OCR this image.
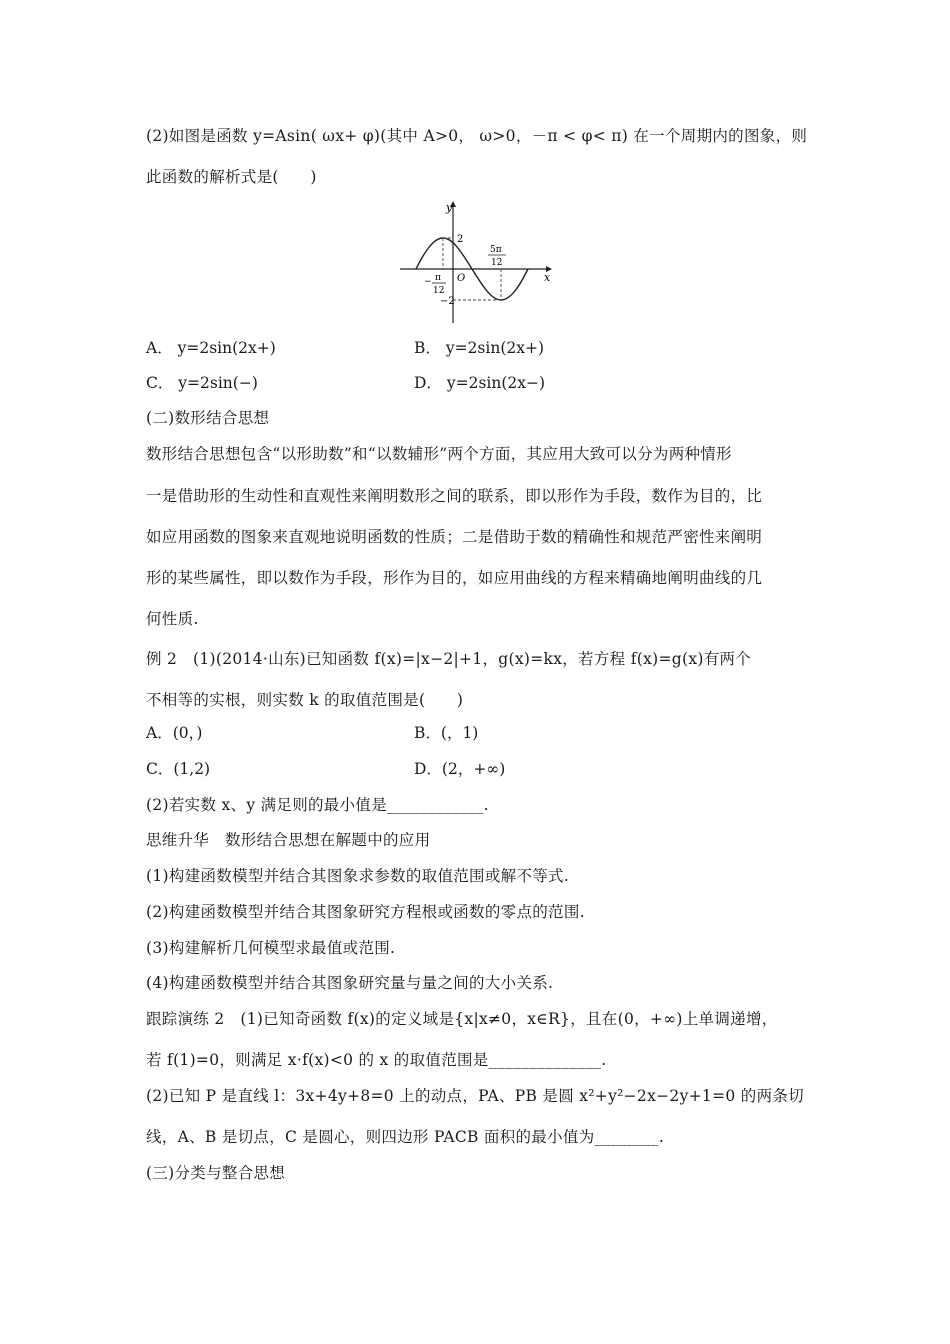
(2)如图是函数 y=Asin( ωx+ φ)(其中 A>0， ω>0，－π < φ< π) 在一个周期内的图象，则
此函数的解析式是(　　)
y
x
O
2
−2
− π
12
5π
12
A． y=2sin(2x+)	B． y=2sin(2x+)
C． y=2sin(−)	D． y=2sin(2x−)
(二)数形结合思想
数形结合思想包含“以形助数”和“以数辅形”两个方面，其应用大致可以分为两种情形
一是借助形的生动性和直观性来阐明数形之间的联系，即以形作为手段，数作为目的，比
如应用函数的图象来直观地说明函数的性质；二是借助于数的精确性和规范严密性来阐明
形的某些属性，即以数作为手段，形作为目的，如应用曲线的方程来精确地阐明曲线的几
何性质.
例 2　(1)(2014·山东)已知函数 f(x)=|x−2|+1，g(x)=kx，若方程 f(x)=g(x)有两个
不相等的实根，则实数 k 的取值范围是(　　)
A．(0，)	B．(，1)
C．(1,2)	D．(2，+∞)
(2)若实数 x、y 满足则的最小值是____________.
思维升华　数形结合思想在解题中的应用
(1)构建函数模型并结合其图象求参数的取值范围或解不等式.
(2)构建函数模型并结合其图象研究方程根或函数的零点的范围.
(3)构建解析几何模型求最值或范围.
(4)构建函数模型并结合其图象研究量与量之间的大小关系.
跟踪演练 2　(1)已知奇函数 f(x)的定义域是{x|x≠0，x∈R}，且在(0，+∞)上单调递增，
若 f(1)=0，则满足 x·f(x)<0 的 x 的取值范围是______________.
(2)已知 P 是直线 l：3x+4y+8=0 上的动点，PA、PB 是圆 x²+y²−2x−2y+1=0 的两条切
线，A、B 是切点，C 是圆心，则四边形 PACB 面积的最小值为________.
(三)分类与整合思想
